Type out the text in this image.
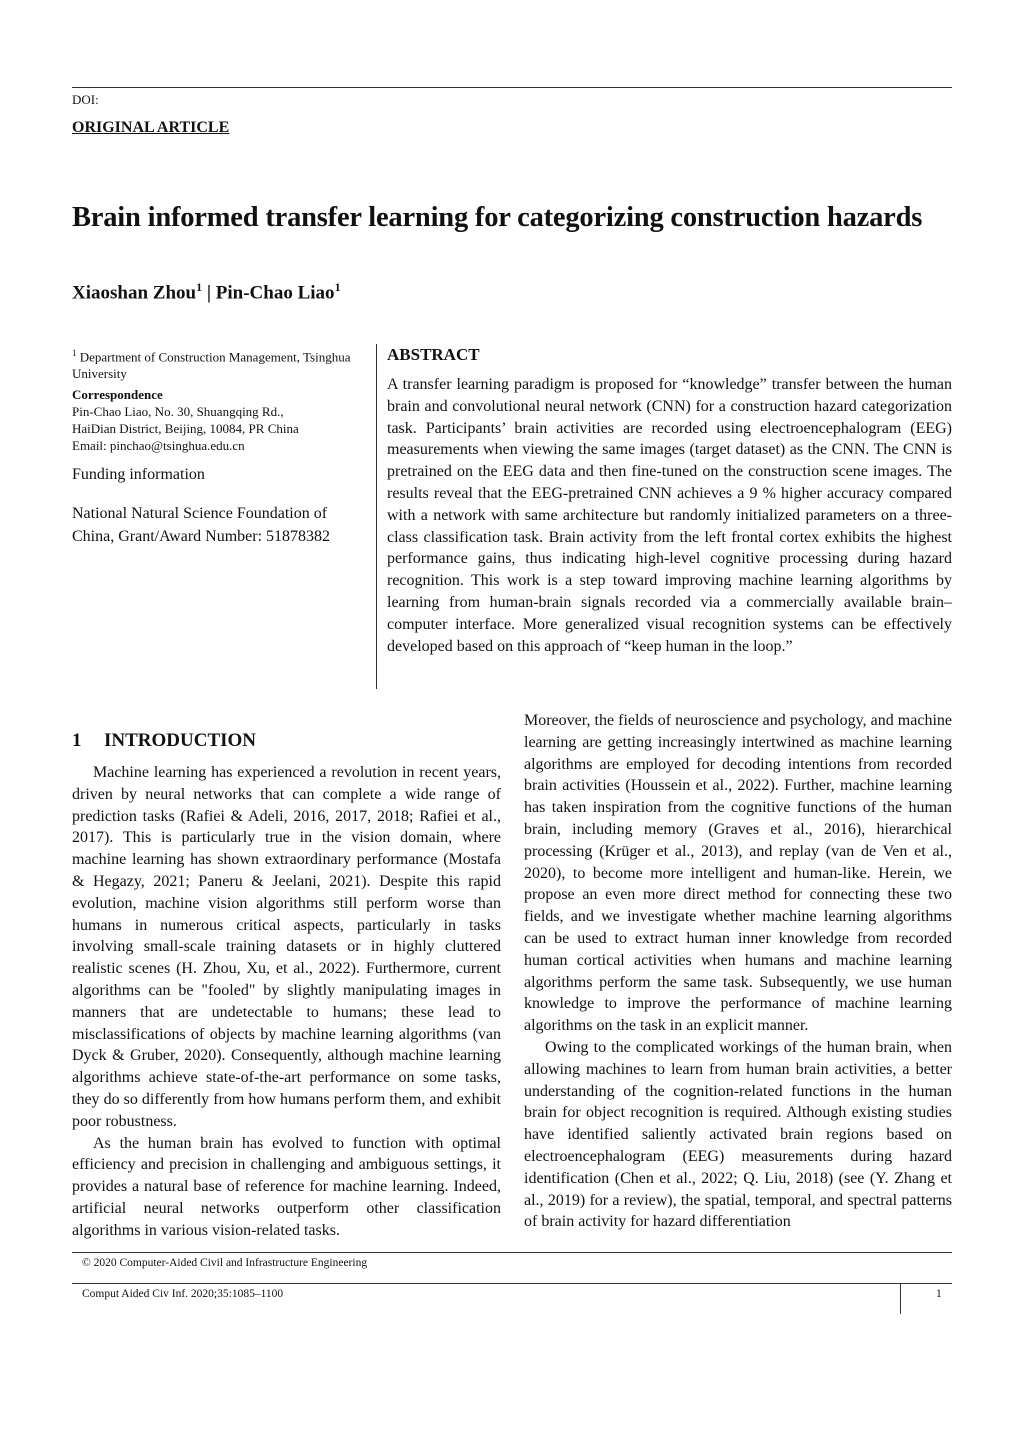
DOI:
ORIGINAL ARTICLE
Brain informed transfer learning for categorizing construction hazards
Xiaoshan Zhou$^1$ | Pin-Chao Liao$^1$
$^1$ Department of Construction Management, Tsinghua University
Correspondence
Pin-Chao Liao, No. 30, Shuangqing Rd.,
HaiDian District, Beijing, 10084, PR China
Email: pinchao@tsinghua.edu.cn
Funding information
National Natural Science Foundation of China, Grant/Award Number: 51878382
ABSTRACT

A transfer learning paradigm is proposed for “knowledge” transfer between the human brain and convolutional neural network (CNN) for a construction hazard categorization task. Participants’ brain activities are recorded using electroencephalogram (EEG) measurements when viewing the same images (target dataset) as the CNN. The CNN is pretrained on the EEG data and then fine-tuned on the construction scene images. The results reveal that the EEG-pretrained CNN achieves a 9 % higher accuracy compared with a network with same architecture but randomly initialized parameters on a three-class classification task. Brain activity from the left frontal cortex exhibits the highest performance gains, thus indicating high-level cognitive processing during hazard recognition. This work is a step toward improving machine learning algorithms by learning from human-brain signals recorded via a commercially available brain–computer interface. More generalized visual recognition systems can be effectively developed based on this approach of “keep human in the loop.”

1 INTRODUCTION

Machine learning has experienced a revolution in recent years, driven by neural networks that can complete a wide range of prediction tasks (Rafiei & Adeli, 2016, 2017, 2018; Rafiei et al., 2017). This is particularly true in the vision domain, where machine learning has shown extraordinary performance (Mostafa & Hegazy, 2021; Paneru & Jeelani, 2021). Despite this rapid evolution, machine vision algorithms still perform worse than humans in numerous critical aspects, particularly in tasks involving small-scale training datasets or in highly cluttered realistic scenes (H. Zhou, Xu, et al., 2022). Furthermore, current algorithms can be "fooled" by slightly manipulating images in manners that are undetectable to humans; these lead to misclassifications of objects by machine learning algorithms (van Dyck & Gruber, 2020). Consequently, although machine learning algorithms achieve state-of-the-art performance on some tasks, they do so differently from how humans perform them, and exhibit poor robustness.

As the human brain has evolved to function with optimal efficiency and precision in challenging and ambiguous settings, it provides a natural base of reference for machine learning. Indeed, artificial neural networks outperform other classification algorithms in various vision-related tasks.

Moreover, the fields of neuroscience and psychology, and machine learning are getting increasingly intertwined as machine learning algorithms are employed for decoding intentions from recorded brain activities (Houssein et al., 2022). Further, machine learning has taken inspiration from the cognitive functions of the human brain, including memory (Graves et al., 2016), hierarchical processing (Krüger et al., 2013), and replay (van de Ven et al., 2020), to become more intelligent and human-like. Herein, we propose an even more direct method for connecting these two fields, and we investigate whether machine learning algorithms can be used to extract human inner knowledge from recorded human cortical activities when humans and machine learning algorithms perform the same task. Subsequently, we use human knowledge to improve the performance of machine learning algorithms on the task in an explicit manner.

Owing to the complicated workings of the human brain, when allowing machines to learn from human brain activities, a better understanding of the cognition-related functions in the human brain for object recognition is required. Although existing studies have identified saliently activated brain regions based on electroencephalogram (EEG) measurements during hazard identification (Chen et al., 2022; Q. Liu, 2018) (see (Y. Zhang et al., 2019) for a review), the spatial, temporal, and spectral patterns of brain activity for hazard differentiation

© 2020 Computer-Aided Civil and Infrastructure Engineering
Comput Aided Civ Inf. 2020;35:1085–1100	1
